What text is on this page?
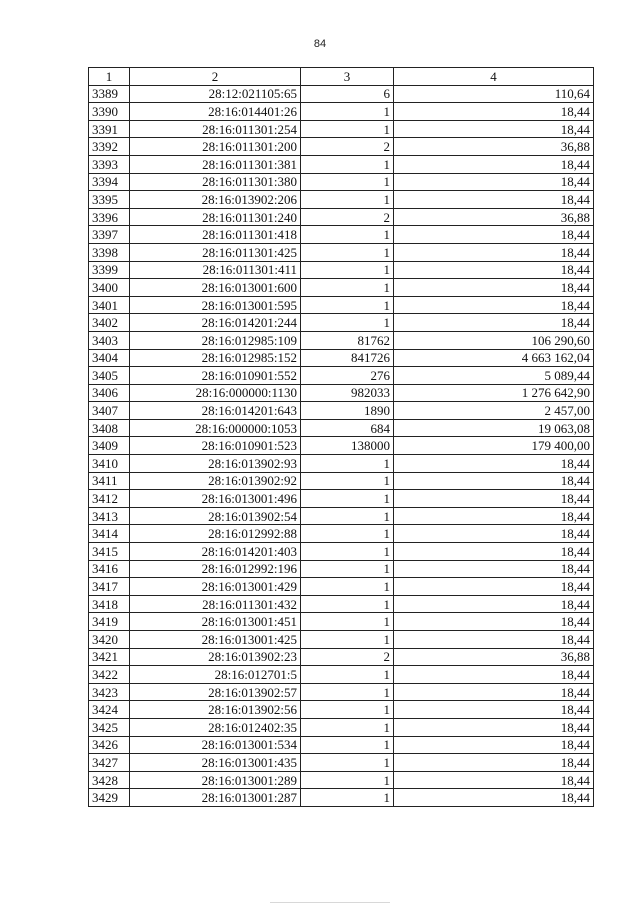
84
1	2	3	4
3389	28:12:021105:65	6	110,64
3390	28:16:014401:26	1	18,44
3391	28:16:011301:254	1	18,44
3392	28:16:011301:200	2	36,88
3393	28:16:011301:381	1	18,44
3394	28:16:011301:380	1	18,44
3395	28:16:013902:206	1	18,44
3396	28:16:011301:240	2	36,88
3397	28:16:011301:418	1	18,44
3398	28:16:011301:425	1	18,44
3399	28:16:011301:411	1	18,44
3400	28:16:013001:600	1	18,44
3401	28:16:013001:595	1	18,44
3402	28:16:014201:244	1	18,44
3403	28:16:012985:109	81762	106 290,60
3404	28:16:012985:152	841726	4 663 162,04
3405	28:16:010901:552	276	5 089,44
3406	28:16:000000:1130	982033	1 276 642,90
3407	28:16:014201:643	1890	2 457,00
3408	28:16:000000:1053	684	19 063,08
3409	28:16:010901:523	138000	179 400,00
3410	28:16:013902:93	1	18,44
3411	28:16:013902:92	1	18,44
3412	28:16:013001:496	1	18,44
3413	28:16:013902:54	1	18,44
3414	28:16:012992:88	1	18,44
3415	28:16:014201:403	1	18,44
3416	28:16:012992:196	1	18,44
3417	28:16:013001:429	1	18,44
3418	28:16:011301:432	1	18,44
3419	28:16:013001:451	1	18,44
3420	28:16:013001:425	1	18,44
3421	28:16:013902:23	2	36,88
3422	28:16:012701:5	1	18,44
3423	28:16:013902:57	1	18,44
3424	28:16:013902:56	1	18,44
3425	28:16:012402:35	1	18,44
3426	28:16:013001:534	1	18,44
3427	28:16:013001:435	1	18,44
3428	28:16:013001:289	1	18,44
3429	28:16:013001:287	1	18,44
